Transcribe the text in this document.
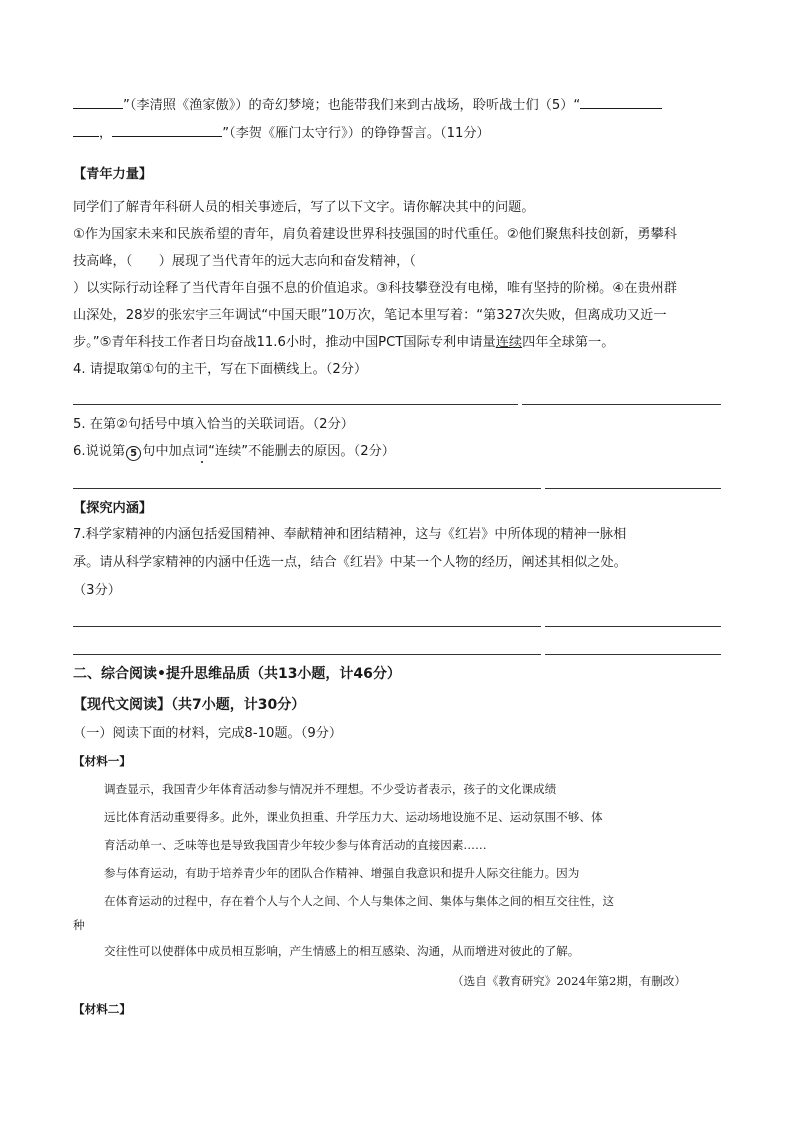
”（李清照《渔家傲》）的奇幻梦境；也能带我们来到古战场，聆听战士们（5）“
，	”（李贺《雁门太守行》）的铮铮誓言。（11分）
【青年力量】
同学们了解青年科研人员的相关事迹后，写了以下文字。请你解决其中的问题。
①作为国家未来和民族希望的青年，肩负着建设世界科技强国的时代重任。②他们聚焦科技创新，勇攀科
技高峰，（　　）展现了当代青年的远大志向和奋发精神，（
）以实际行动诠释了当代青年自强不息的价值追求。③科技攀登没有电梯，唯有坚持的阶梯。④在贵州群
山深处，28岁的张宏宇三年调试“中国天眼”10万次，笔记本里写着：“第327次失败，但离成功又近一
步。”⑤青年科技工作者日均奋战11.6小时，推动中国PCT国际专利申请量连续四年全球第一。
4. 请提取第①句的主干，写在下面横线上。（2分）
5. 在第②句括号中填入恰当的关联词语。（2分）
6.说说第 5 句中加点词“连续”不能删去的原因。（2分）
【探究内涵】
7.科学家精神的内涵包括爱国精神、奉献精神和团结精神，这与《红岩》中所体现的精神一脉相
承。请从科学家精神的内涵中任选一点，结合《红岩》中某一个人物的经历，阐述其相似之处。
（3分）
二、综合阅读•提升思维品质（共13小题，计46分）
【现代文阅读】（共7小题，计30分）
（一）阅读下面的材料，完成8-10题。（9分）
【材料一】
调查显示，我国青少年体育活动参与情况并不理想。不少受访者表示，孩子的文化课成绩
远比体育活动重要得多。此外，课业负担重、升学压力大、运动场地设施不足、运动氛围不够、体
育活动单一、乏味等也是导致我国青少年较少参与体育活动的直接因素……
参与体育运动，有助于培养青少年的团队合作精神、增强自我意识和提升人际交往能力。因为
在体育运动的过程中，存在着个人与个人之间、个人与集体之间、集体与集体之间的相互交往性，这
种
交往性可以使群体中成员相互影响，产生情感上的相互感染、沟通，从而增进对彼此的了解。
（选自《教育研究》2024年第2期，有删改）
【材料二】
